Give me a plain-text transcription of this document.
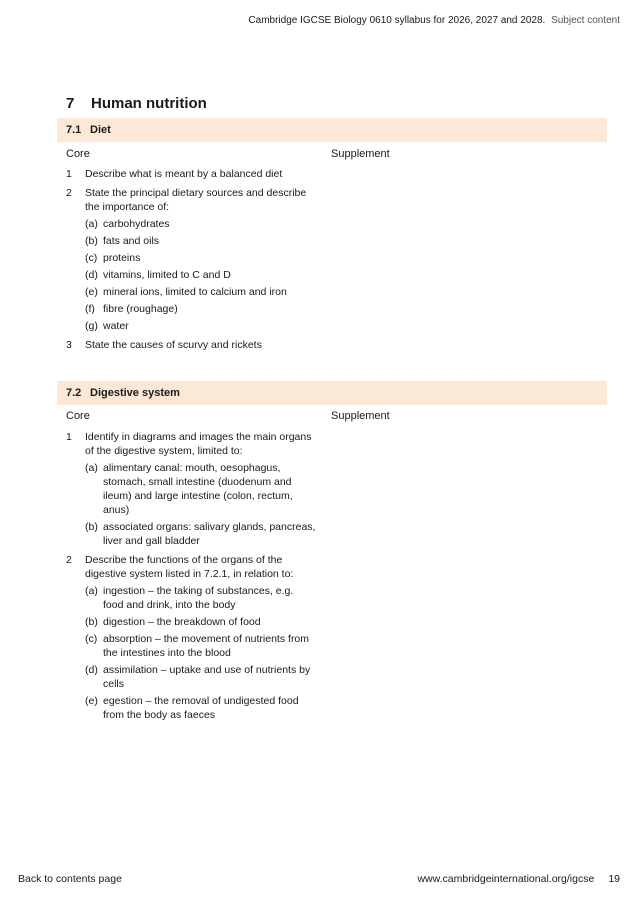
Cambridge IGCSE Biology 0610 syllabus for 2026, 2027 and 2028. Subject content
7 Human nutrition
7.1 Diet
Core	Supplement
1	Describe what is meant by a balanced diet
2	State the principal dietary sources and describe the importance of:
(a) carbohydrates
(b) fats and oils
(c) proteins
(d) vitamins, limited to C and D
(e) mineral ions, limited to calcium and iron
(f) fibre (roughage)
(g) water
3	State the causes of scurvy and rickets
7.2 Digestive system
Core	Supplement
1	Identify in diagrams and images the main organs of the digestive system, limited to:
(a) alimentary canal: mouth, oesophagus, stomach, small intestine (duodenum and ileum) and large intestine (colon, rectum, anus)
(b) associated organs: salivary glands, pancreas, liver and gall bladder
2	Describe the functions of the organs of the digestive system listed in 7.2.1, in relation to:
(a) ingestion – the taking of substances, e.g. food and drink, into the body
(b) digestion – the breakdown of food
(c) absorption – the movement of nutrients from the intestines into the blood
(d) assimilation – uptake and use of nutrients by cells
(e) egestion – the removal of undigested food from the body as faeces
Back to contents page	www.cambridgeinternational.org/igcse 19
